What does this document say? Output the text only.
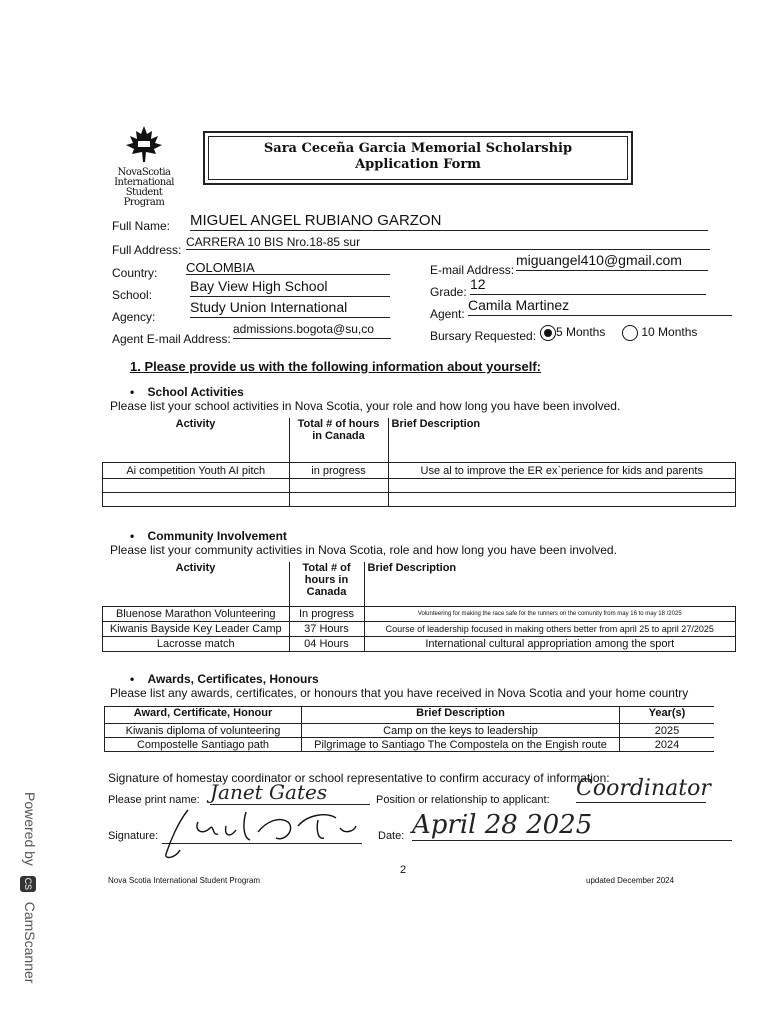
NovaScotia
International
Student
Program
Sara Ceceña Garcia Memorial Scholarship
Application Form
Full Name: MIGUEL ANGEL RUBIANO GARZON
Full Address:
CARRERA 10 BIS Nro.18-85 sur
Country: COLOMBIA	E-mail Address:
miguangel410@gmail.com
School:
Bay View High School	Grade: 12
Agency:
Study Union International	Agent:
Camila Martinez
Agent E-mail Address:
admissions.bogota@su,co	Bursary Requested:	5 Months	10 Months
1. Please provide us with the following information about yourself:
•    School Activities
Please list your school activities in Nova Scotia, your role and how long you have been involved.
Activity	Total # of hours in Canada	Brief Description
Ai competition Youth AI pitch	in progress	Use al to improve the ER ex`perience for kids and parents

•    Community Involvement
Please list your community activities in Nova Scotia, role and how long you have been involved.
Activity	Total # of hours in Canada	Brief Description
Bluenose Marathon Volunteering	In progress	Volunteering for making the race safe for the runners on the comunity from may 16 to may 18 /2025
Kiwanis Bayside Key Leader Camp	37 Hours	Course of leadership focused in making others better from april 25 to april 27/2025
Lacrosse match	04 Hours	International cultural appropriation among the sport
•    Awards, Certificates, Honours
Please list any awards, certificates, or honours that you have received in Nova Scotia and your home country
Award, Certificate, Honour	Brief Description	Year(s)
Kiwanis diploma of volunteering	Camp on the keys to leadership	2025
Compostelle Santiago path	Pilgrimage to Santiago The Compostela on the Engish route	2024
Signature of homestay coordinator or school representative to confirm accuracy of information:
Please print name: Janet Gates	Position or relationship to applicant: Coordinator
Signature:	Date: April 28 2025
2
Nova Scotia International Student Program	updated December 2024
Powered by CS CamScanner
